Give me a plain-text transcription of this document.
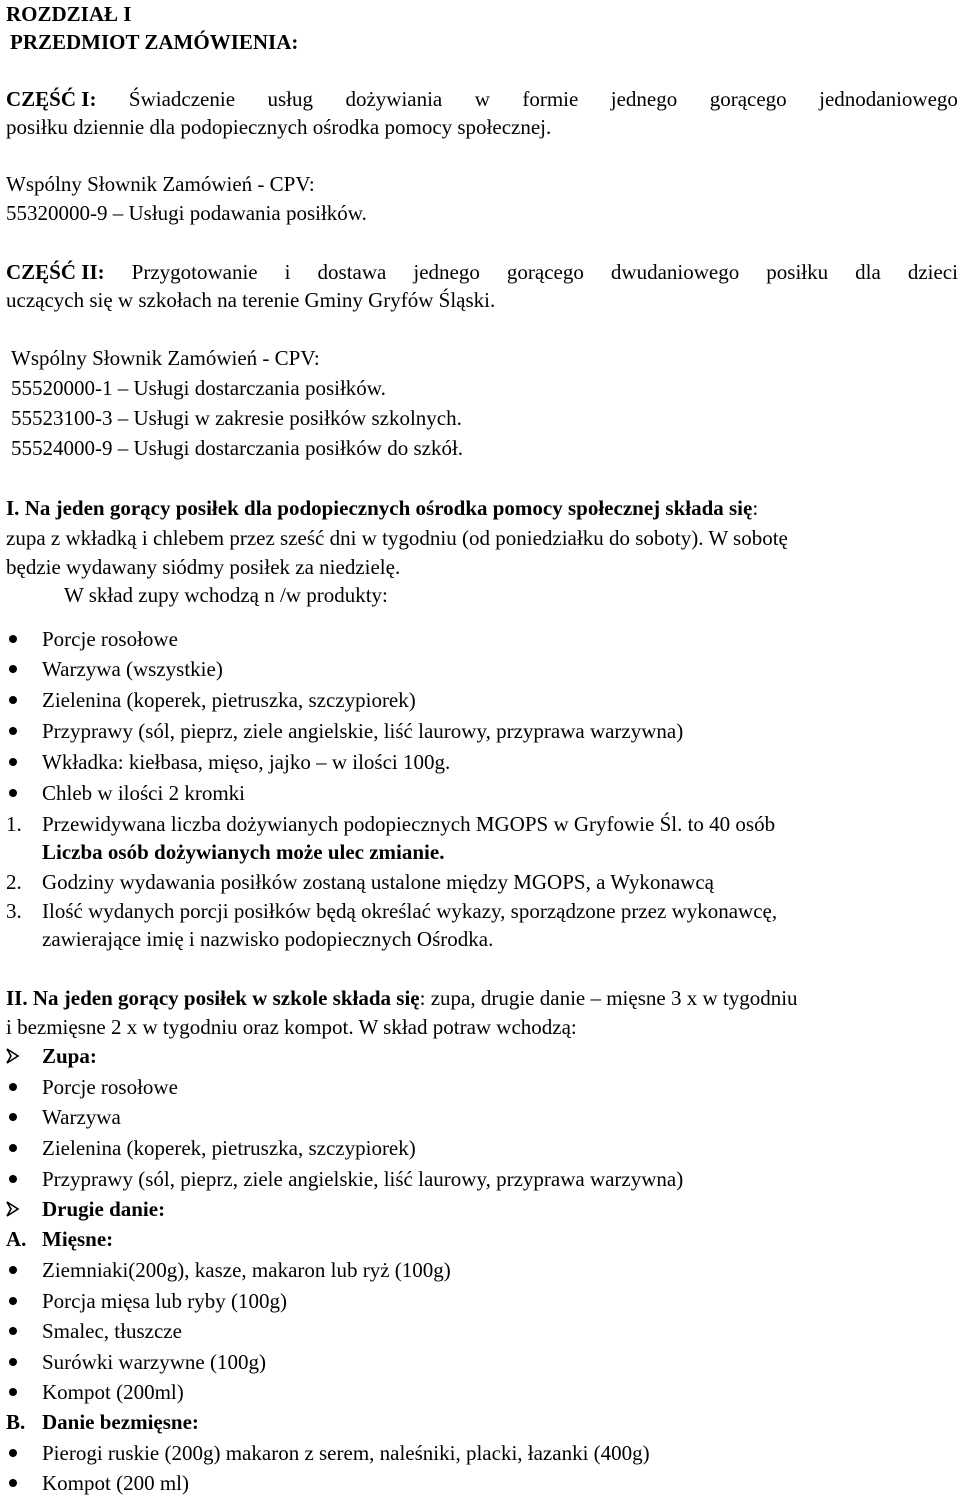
ROZDZIAŁ I
PRZEDMIOT ZAMÓWIENIA:
CZĘŚĆ I: Świadczenie usług dożywiania w formie jednego gorącego jednodaniowego
posiłku dziennie dla podopiecznych ośrodka pomocy społecznej.
Wspólny Słownik Zamówień - CPV:
55320000-9 – Usługi podawania posiłków.
CZĘŚĆ II: Przygotowanie i dostawa jednego gorącego dwudaniowego posiłku dla dzieci
uczących się w szkołach na terenie Gminy Gryfów Śląski.
Wspólny Słownik Zamówień - CPV:
55520000-1 – Usługi dostarczania posiłków.
55523100-3 – Usługi w zakresie posiłków szkolnych.
55524000-9 – Usługi dostarczania posiłków do szkół.
I. Na jeden gorący posiłek dla podopiecznych ośrodka pomocy społecznej składa się:
zupa z wkładką i chlebem przez sześć dni w tygodniu (od poniedziałku do soboty). W sobotę
będzie wydawany siódmy posiłek za niedzielę.
W skład zupy wchodzą n /w produkty:
Porcje rosołowe
Warzywa (wszystkie)
Zielenina (koperek, pietruszka, szczypiorek)
Przyprawy (sól, pieprz, ziele angielskie, liść laurowy, przyprawa warzywna)
Wkładka: kiełbasa, mięso, jajko – w ilości 100g.
Chleb w ilości 2 kromki
1. Przewidywana liczba dożywianych podopiecznych MGOPS w Gryfowie Śl. to 40 osób
Liczba osób dożywianych może ulec zmianie.
2. Godziny wydawania posiłków zostaną ustalone między MGOPS, a Wykonawcą
3. Ilość wydanych porcji posiłków będą określać wykazy, sporządzone przez wykonawcę,
zawierające imię i nazwisko podopiecznych Ośrodka.
II. Na jeden gorący posiłek w szkole składa się: zupa, drugie danie – mięsne 3 x w tygodniu
i bezmięsne 2 x w tygodniu oraz kompot. W skład potraw wchodzą:
Zupa:
Porcje rosołowe
Warzywa
Zielenina (koperek, pietruszka, szczypiorek)
Przyprawy (sól, pieprz, ziele angielskie, liść laurowy, przyprawa warzywna)
Drugie danie:
A. Mięsne:
Ziemniaki(200g), kasze, makaron lub ryż (100g)
Porcja mięsa lub ryby (100g)
Smalec, tłuszcze
Surówki warzywne (100g)
Kompot (200ml)
B. Danie bezmięsne:
Pierogi ruskie (200g) makaron z serem, naleśniki, placki, łazanki (400g)
Kompot (200 ml)
